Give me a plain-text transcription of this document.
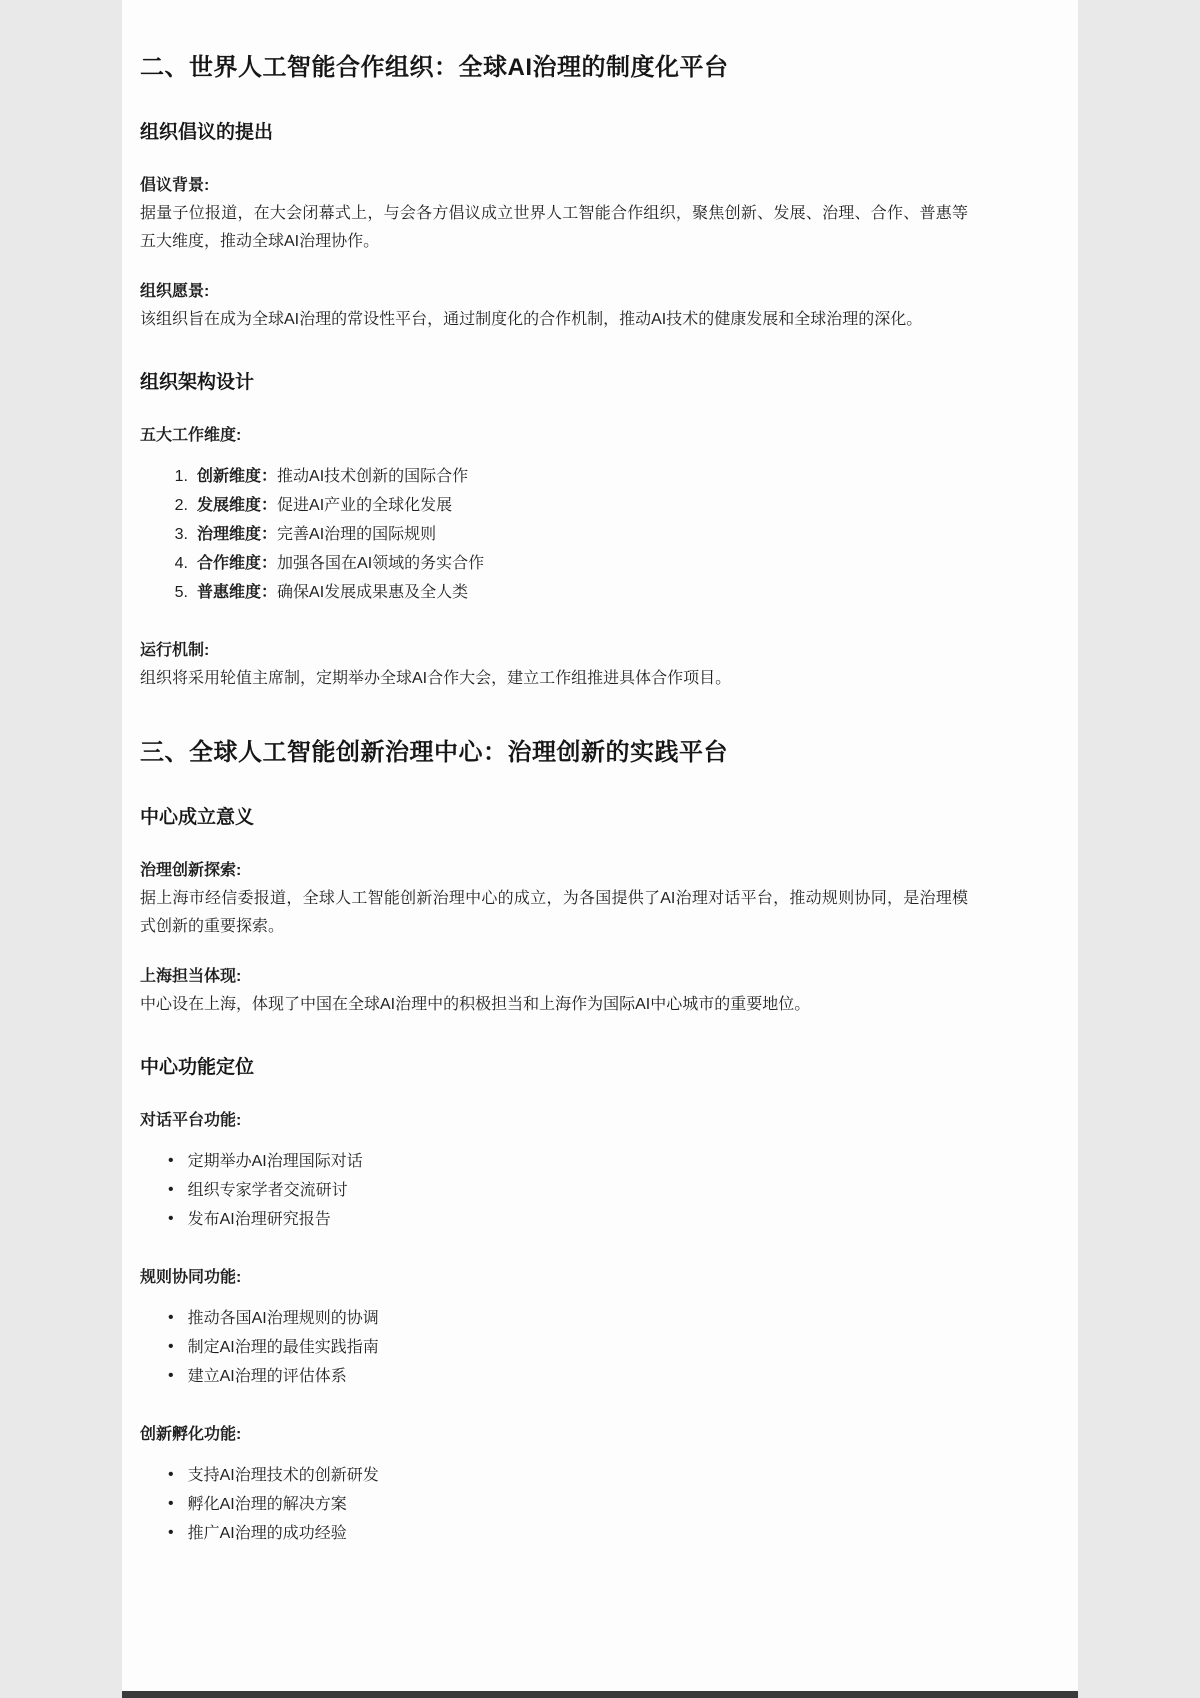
二、世界人工智能合作组织：全球AI治理的制度化平台
组织倡议的提出

倡议背景:
据量子位报道，在大会闭幕式上，与会各方倡议成立世界人工智能合作组织，聚焦创新、发展、治理、合作、普惠等五大维度，推动全球AI治理协作。

组织愿景:
该组织旨在成为全球AI治理的常设性平台，通过制度化的合作机制，推动AI技术的健康发展和全球治理的深化。

组织架构设计

五大工作维度:

1. 创新维度： 推动AI技术创新的国际合作
2. 发展维度： 促进AI产业的全球化发展
3. 治理维度： 完善AI治理的国际规则
4. 合作维度： 加强各国在AI领域的务实合作
5. 普惠维度： 确保AI发展成果惠及全人类

运行机制:
组织将采用轮值主席制，定期举办全球AI合作大会，建立工作组推进具体合作项目。

三、全球人工智能创新治理中心：治理创新的实践平台
中心成立意义

治理创新探索:
据上海市经信委报道，全球人工智能创新治理中心的成立，为各国提供了AI治理对话平台，推动规则协同，是治理模式创新的重要探索。

上海担当体现:
中心设在上海，体现了中国在全球AI治理中的积极担当和上海作为国际AI中心城市的重要地位。

中心功能定位

对话平台功能:

• 定期举办AI治理国际对话
• 组织专家学者交流研讨
• 发布AI治理研究报告

规则协同功能:

• 推动各国AI治理规则的协调
• 制定AI治理的最佳实践指南
• 建立AI治理的评估体系

创新孵化功能:

• 支持AI治理技术的创新研发
• 孵化AI治理的解决方案
• 推广AI治理的成功经验
